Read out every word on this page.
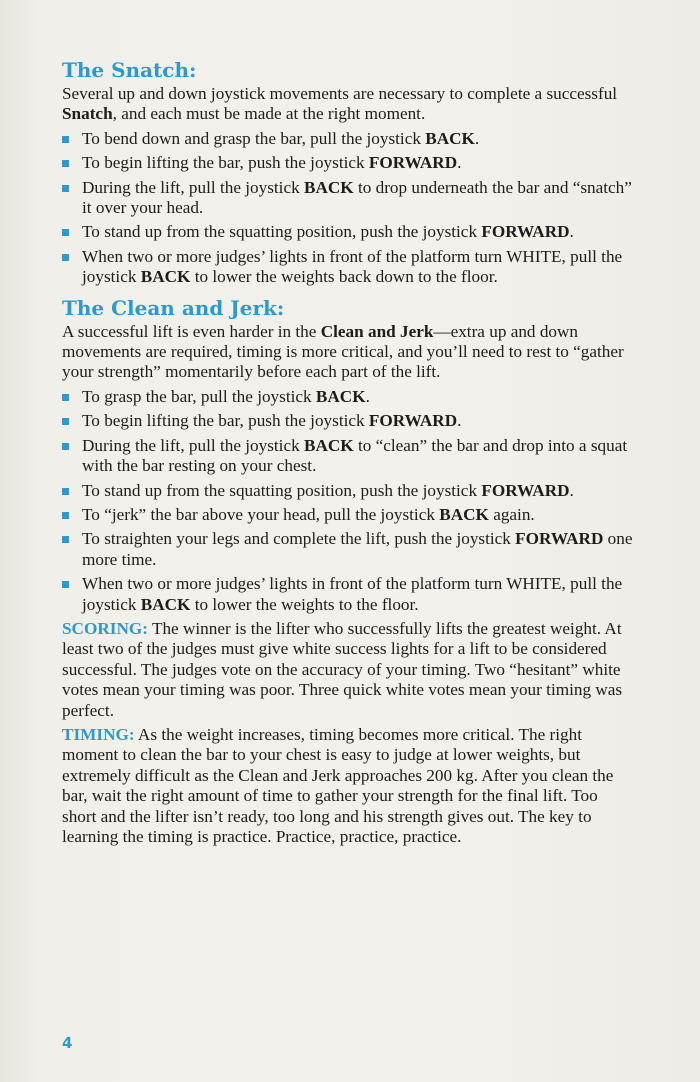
The Snatch:

Several up and down joystick movements are necessary to complete a successful Snatch, and each must be made at the right moment.

To bend down and grasp the bar, pull the joystick BACK.
To begin lifting the bar, push the joystick FORWARD.
During the lift, pull the joystick BACK to drop underneath the bar and “snatch” it over your head.
To stand up from the squatting position, push the joystick FORWARD.
When two or more judges’ lights in front of the platform turn WHITE, pull the joystick BACK to lower the weights back down to the floor.
The Clean and Jerk:

A successful lift is even harder in the Clean and Jerk—extra up and down movements are required, timing is more critical, and you’ll need to rest to “gather your strength” momentarily before each part of the lift.

To grasp the bar, pull the joystick BACK.
To begin lifting the bar, push the joystick FORWARD.
During the lift, pull the joystick BACK to “clean” the bar and drop into a squat with the bar resting on your chest.
To stand up from the squatting position, push the joystick FORWARD.
To “jerk” the bar above your head, pull the joystick BACK again.
To straighten your legs and complete the lift, push the joystick FORWARD one more time.
When two or more judges’ lights in front of the platform turn WHITE, pull the joystick BACK to lower the weights to the floor.

SCORING: The winner is the lifter who successfully lifts the greatest weight. At least two of the judges must give white success lights for a lift to be considered successful. The judges vote on the accuracy of your timing. Two “hesitant” white votes mean your timing was poor. Three quick white votes mean your timing was perfect.

TIMING: As the weight increases, timing becomes more critical. The right moment to clean the bar to your chest is easy to judge at lower weights, but extremely difficult as the Clean and Jerk approaches 200 kg. After you clean the bar, wait the right amount of time to gather your strength for the final lift. Too short and the lifter isn’t ready, too long and his strength gives out. The key to learning the timing is practice. Practice, practice, practice.

4
